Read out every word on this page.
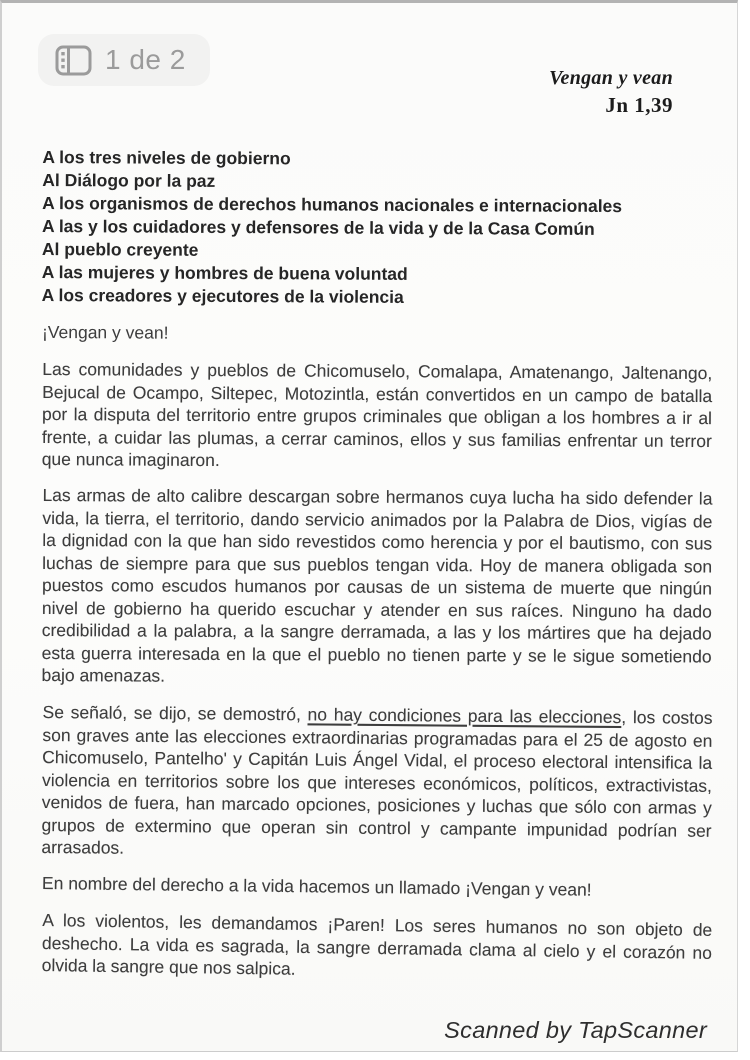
1 de 2
Vengan y vean
Jn 1,39
A los tres niveles de gobierno
Al Diálogo por la paz
A los organismos de derechos humanos nacionales e internacionales
A las y los cuidadores y defensores de la vida y de la Casa Común
Al pueblo creyente
A las mujeres y hombres de buena voluntad
A los creadores y ejecutores de la violencia

¡Vengan y vean!

Las comunidades y pueblos de Chicomuselo, Comalapa, Amatenango, Jaltenango, Bejucal de Ocampo, Siltepec, Motozintla, están convertidos en un campo de batalla por la disputa del territorio entre grupos criminales que obligan a los hombres a ir al frente, a cuidar las plumas, a cerrar caminos, ellos y sus familias enfrentar un terror que nunca imaginaron.

Las armas de alto calibre descargan sobre hermanos cuya lucha ha sido defender la vida, la tierra, el territorio, dando servicio animados por la Palabra de Dios, vigías de la dignidad con la que han sido revestidos como herencia y por el bautismo, con sus luchas de siempre para que sus pueblos tengan vida. Hoy de manera obligada son puestos como escudos humanos por causas de un sistema de muerte que ningún nivel de gobierno ha querido escuchar y atender en sus raíces. Ninguno ha dado credibilidad a la palabra, a la sangre derramada, a las y los mártires que ha dejado esta guerra interesada en la que el pueblo no tienen parte y se le sigue sometiendo bajo amenazas.

Se señaló, se dijo, se demostró, no hay condiciones para las elecciones, los costos son graves ante las elecciones extraordinarias programadas para el 25 de agosto en Chicomuselo, Pantelho' y Capitán Luis Ángel Vidal, el proceso electoral intensifica la violencia en territorios sobre los que intereses económicos, políticos, extractivistas, venidos de fuera, han marcado opciones, posiciones y luchas que sólo con armas y grupos de extermino que operan sin control y campante impunidad podrían ser arrasados.

En nombre del derecho a la vida hacemos un llamado ¡Vengan y vean!

A los violentos, les demandamos ¡Paren! Los seres humanos no son objeto de deshecho. La vida es sagrada, la sangre derramada clama al cielo y el corazón no olvida la sangre que nos salpica.

Scanned by TapScanner
